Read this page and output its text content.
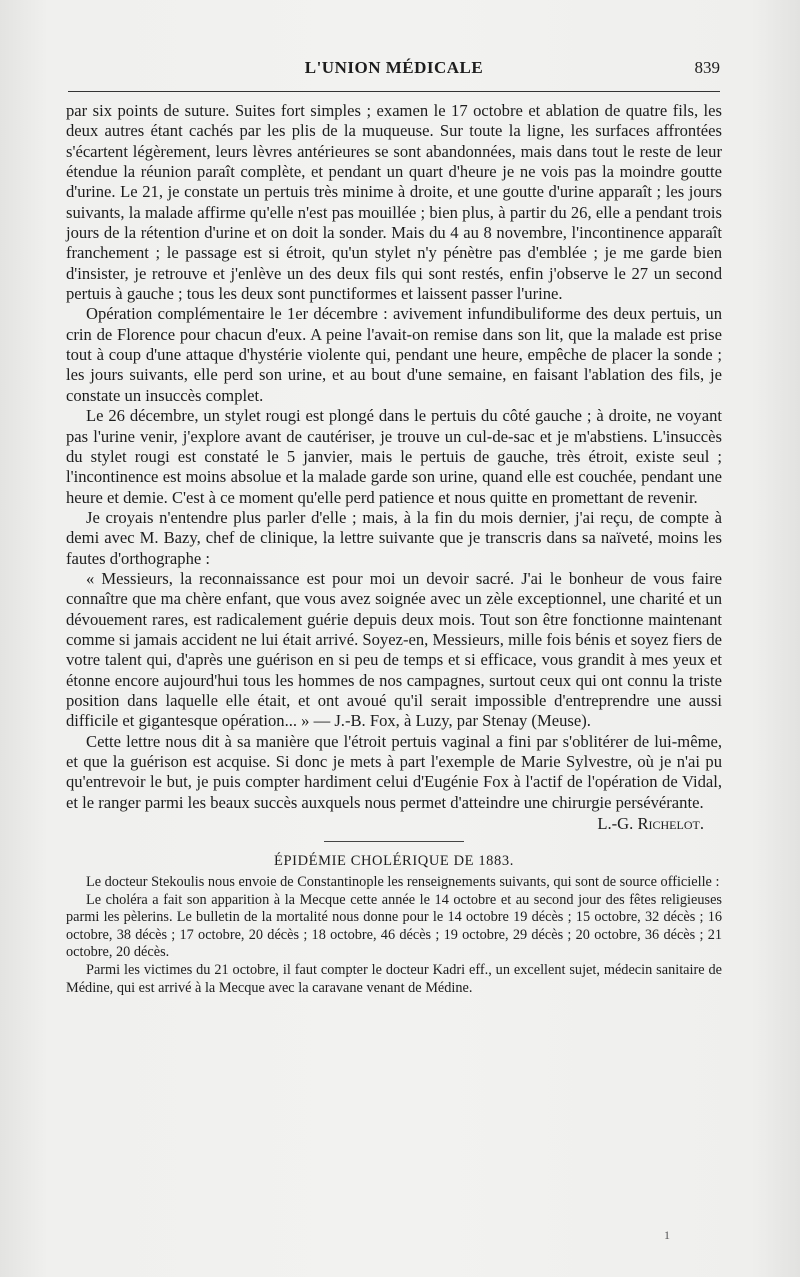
L'UNION MÉDICALE	839

par six points de suture. Suites fort simples ; examen le 17 octobre et ablation de quatre fils, les deux autres étant cachés par les plis de la muqueuse. Sur toute la ligne, les surfaces affrontées s'écartent légèrement, leurs lèvres antérieures se sont abandonnées, mais dans tout le reste de leur étendue la réunion paraît complète, et pendant un quart d'heure je ne vois pas la moindre goutte d'urine. Le 21, je constate un pertuis très minime à droite, et une goutte d'urine apparaît ; les jours suivants, la malade affirme qu'elle n'est pas mouillée ; bien plus, à partir du 26, elle a pendant trois jours de la rétention d'urine et on doit la sonder. Mais du 4 au 8 novembre, l'incontinence apparaît franchement ; le passage est si étroit, qu'un stylet n'y pénètre pas d'emblée ; je me garde bien d'insister, je retrouve et j'enlève un des deux fils qui sont restés, enfin j'observe le 27 un second pertuis à gauche ; tous les deux sont punctiformes et laissent passer l'urine.

Opération complémentaire le 1er décembre : avivement infundibuliforme des deux pertuis, un crin de Florence pour chacun d'eux. A peine l'avait-on remise dans son lit, que la malade est prise tout à coup d'une attaque d'hystérie violente qui, pendant une heure, empêche de placer la sonde ; les jours suivants, elle perd son urine, et au bout d'une semaine, en faisant l'ablation des fils, je constate un insuccès complet.

Le 26 décembre, un stylet rougi est plongé dans le pertuis du côté gauche ; à droite, ne voyant pas l'urine venir, j'explore avant de cautériser, je trouve un cul-de-sac et je m'abstiens. L'insuccès du stylet rougi est constaté le 5 janvier, mais le pertuis de gauche, très étroit, existe seul ; l'incontinence est moins absolue et la malade garde son urine, quand elle est couchée, pendant une heure et demie. C'est à ce moment qu'elle perd patience et nous quitte en promettant de revenir.

Je croyais n'entendre plus parler d'elle ; mais, à la fin du mois dernier, j'ai reçu, de compte à demi avec M. Bazy, chef de clinique, la lettre suivante que je transcris dans sa naïveté, moins les fautes d'orthographe :

« Messieurs, la reconnaissance est pour moi un devoir sacré. J'ai le bonheur de vous faire connaître que ma chère enfant, que vous avez soignée avec un zèle exceptionnel, une charité et un dévouement rares, est radicalement guérie depuis deux mois. Tout son être fonctionne maintenant comme si jamais accident ne lui était arrivé. Soyez-en, Messieurs, mille fois bénis et soyez fiers de votre talent qui, d'après une guérison en si peu de temps et si efficace, vous grandit à mes yeux et étonne encore aujourd'hui tous les hommes de nos campagnes, surtout ceux qui ont connu la triste position dans laquelle elle était, et ont avoué qu'il serait impossible d'entreprendre une aussi difficile et gigantesque opération... » — J.-B. Fox, à Luzy, par Stenay (Meuse).

Cette lettre nous dit à sa manière que l'étroit pertuis vaginal a fini par s'oblitérer de lui-même, et que la guérison est acquise. Si donc je mets à part l'exemple de Marie Sylvestre, où je n'ai pu qu'entrevoir le but, je puis compter hardiment celui d'Eugénie Fox à l'actif de l'opération de Vidal, et le ranger parmi les beaux succès auxquels nous permet d'atteindre une chirurgie persévérante.

L.-G. Richelot.
ÉPIDÉMIE CHOLÉRIQUE DE 1883.

Le docteur Stekoulis nous envoie de Constantinople les renseignements suivants, qui sont de source officielle :

Le choléra a fait son apparition à la Mecque cette année le 14 octobre et au second jour des fêtes religieuses parmi les pèlerins. Le bulletin de la mortalité nous donne pour le 14 octobre 19 décès ; 15 octobre, 32 décès ; 16 octobre, 38 décès ; 17 octobre, 20 décès ; 18 octobre, 46 décès ; 19 octobre, 29 décès ; 20 octobre, 36 décès ; 21 octobre, 20 décès.

Parmi les victimes du 21 octobre, il faut compter le docteur Kadri eff., un excellent sujet, médecin sanitaire de Médine, qui est arrivé à la Mecque avec la caravane venant de Médine.

1
